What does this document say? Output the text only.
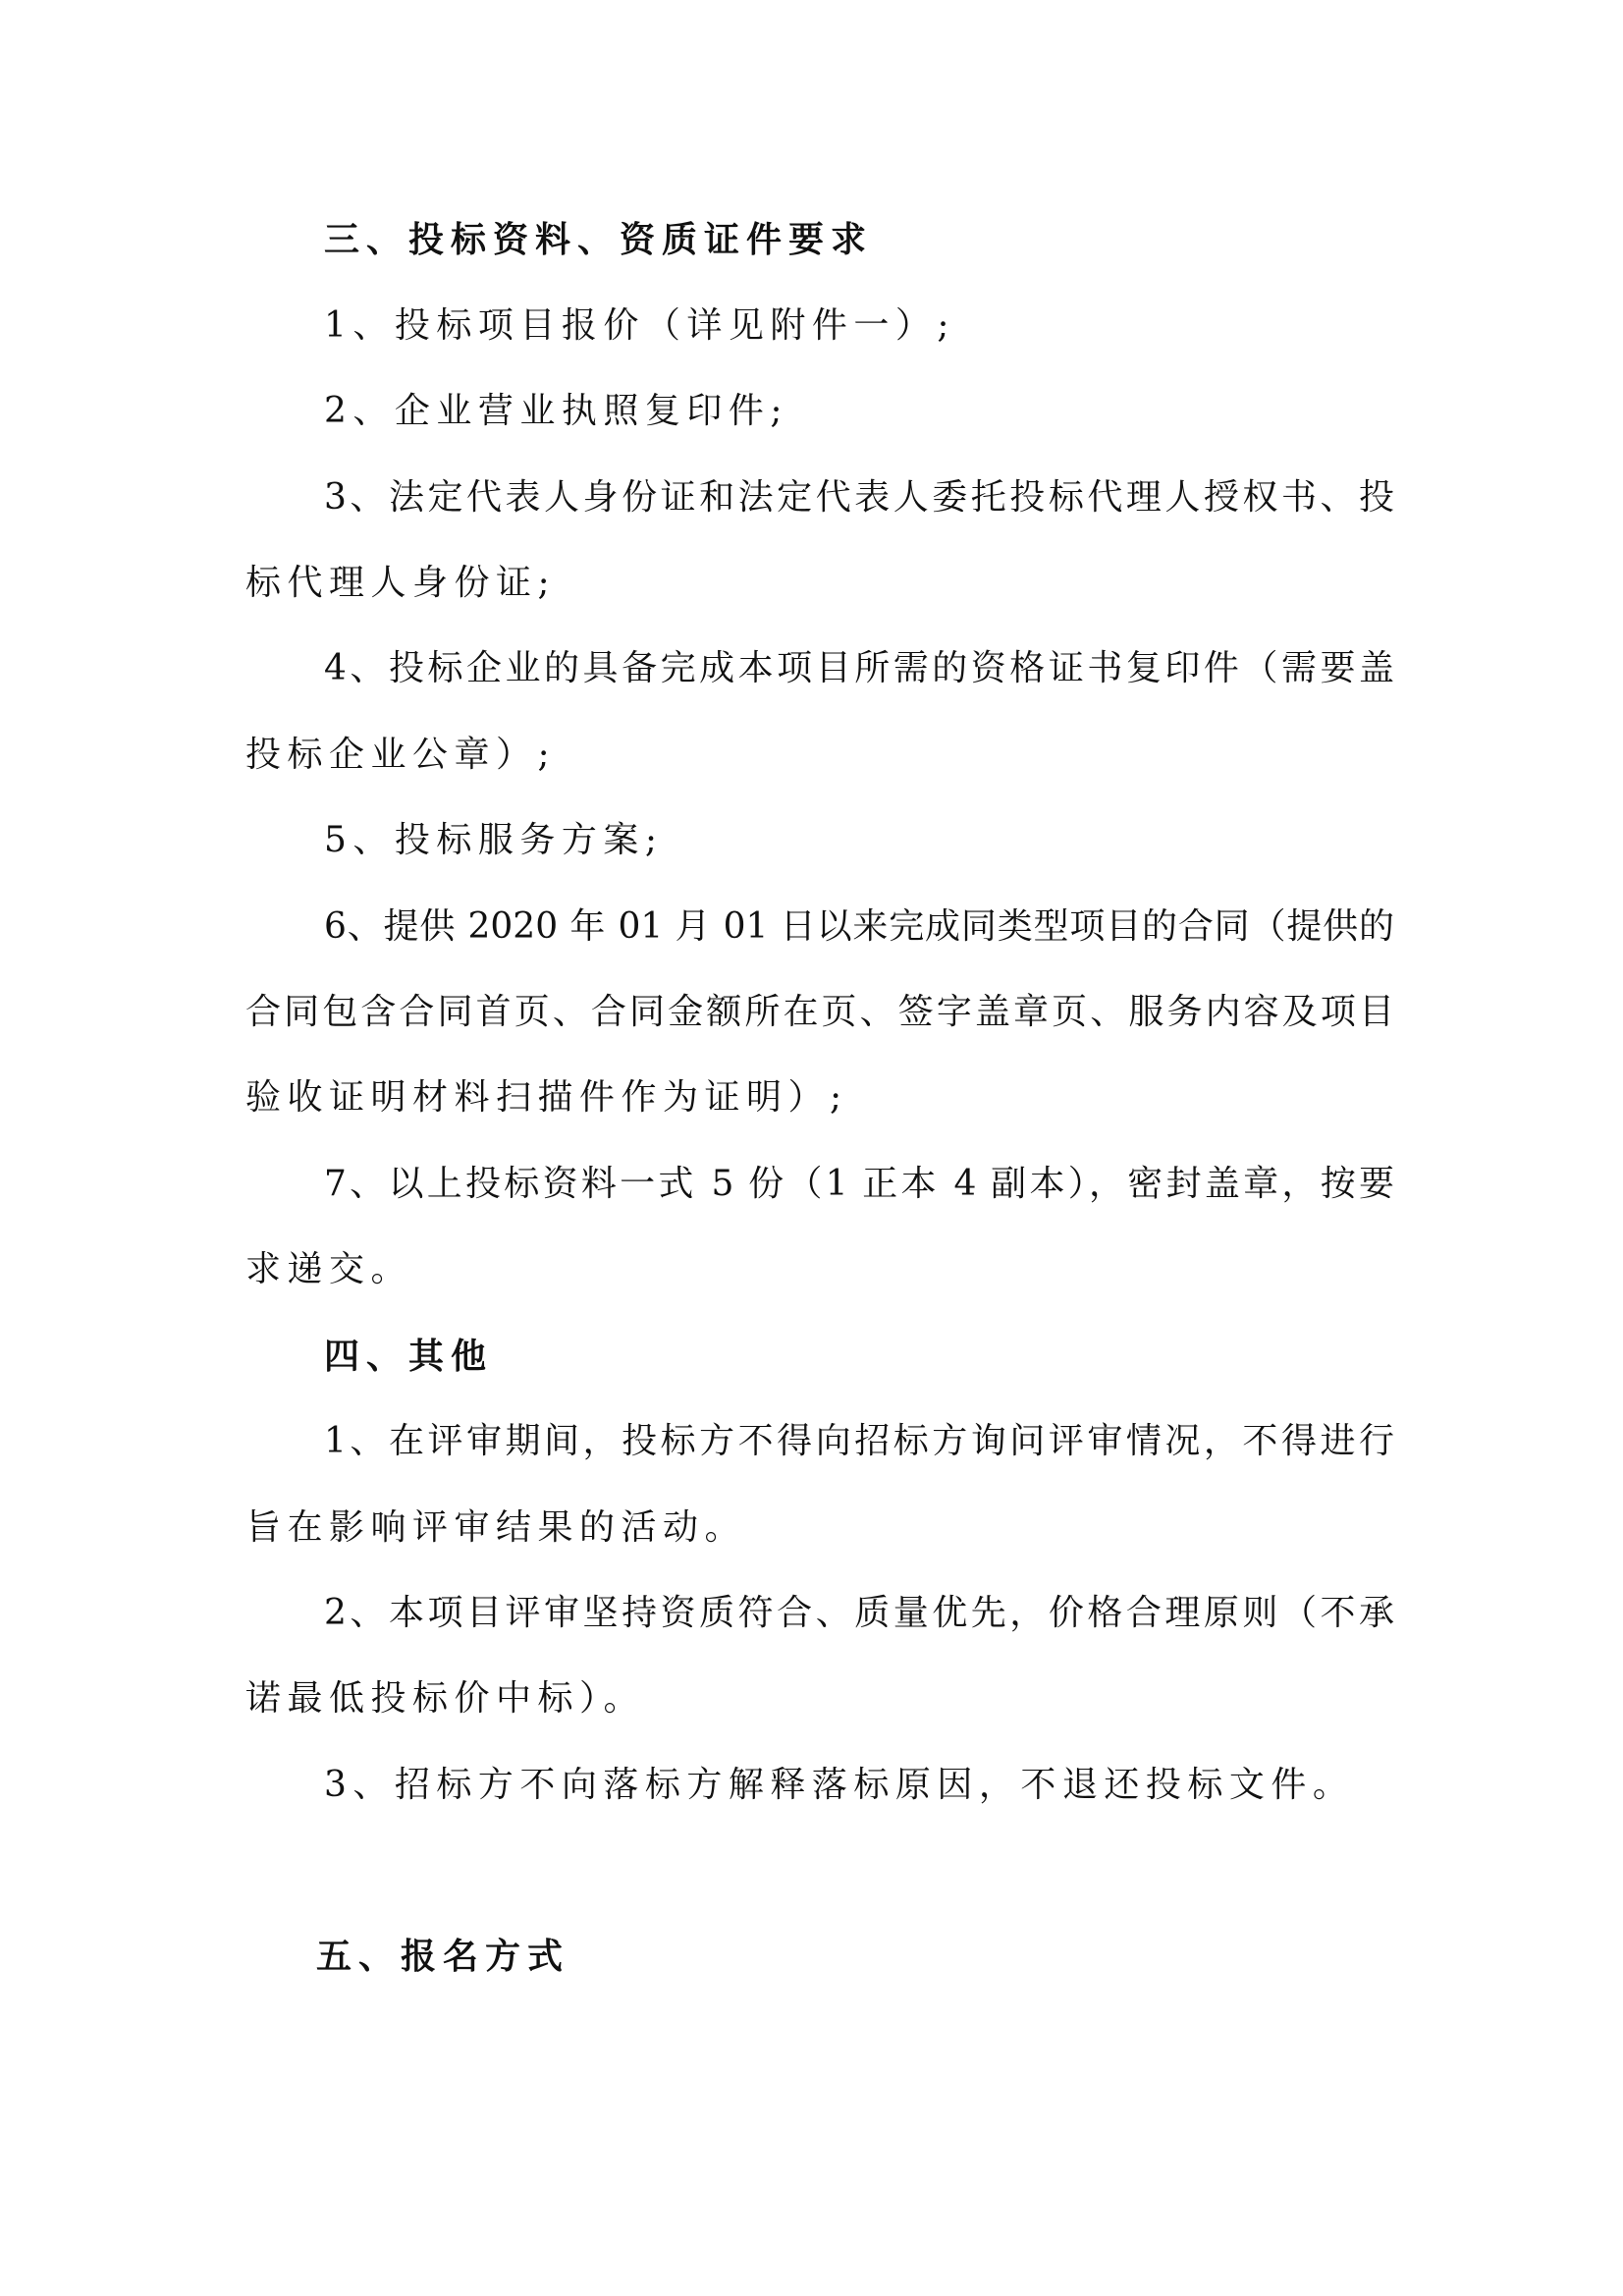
三、投标资料、资质证件要求

1、投标项目报价（详见附件一）;

2、企业营业执照复印件;

3、法定代表人身份证和法定代表人委托投标代理人授权书、投

标代理人身份证;

4、投标企业的具备完成本项目所需的资格证书复印件（需要盖

投标企业公章）;

5、投标服务方案;

6、提供 2020 年 01 月 01 日以来完成同类型项目的合同（提供的

合同包含合同首页、合同金额所在页、签字盖章页、服务内容及项目

验收证明材料扫描件作为证明）;

7、以上投标资料一式 5 份（1 正本 4 副本），密封盖章，按要

求递交。

四、其他

1、在评审期间，投标方不得向招标方询问评审情况，不得进行

旨在影响评审结果的活动。

2、本项目评审坚持资质符合、质量优先，价格合理原则（不承

诺最低投标价中标）。

3、招标方不向落标方解释落标原因，不退还投标文件。

五、报名方式
